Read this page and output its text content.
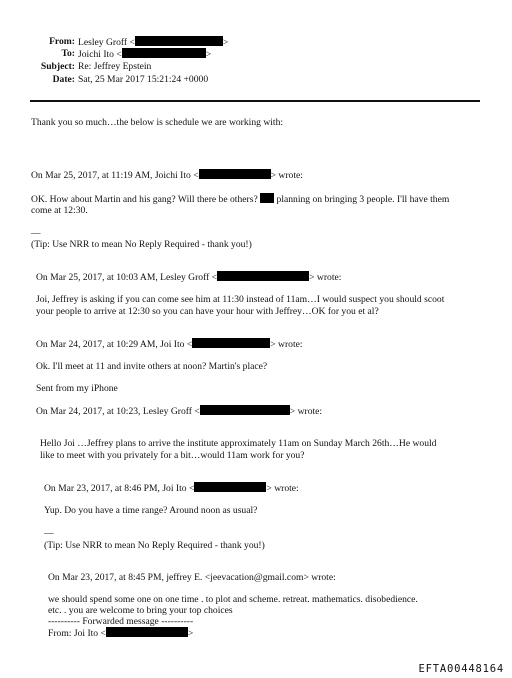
From: Lesley Groff <	>
To: Joichi Ito <	>
Subject: Re: Jeffrey Epstein
Date: Sat, 25 Mar 2017 15:21:24 +0000
Thank you so much…the below is schedule we are working with:
On Mar 25, 2017, at 11:19 AM, Joichi Ito <	> wrote:
OK. How about Martin and his gang? Will there be others? planning on bringing 3 people. I'll have them
come at 12:30.
—
(Tip: Use NRR to mean No Reply Required - thank you!)
On Mar 25, 2017, at 10:03 AM, Lesley Groff <	> wrote:
Joi, Jeffrey is asking if you can come see him at 11:30 instead of 11am…I would suspect you should scoot
your people to arrive at 12:30 so you can have your hour with Jeffrey…OK for you et al?
On Mar 24, 2017, at 10:29 AM, Joi Ito <	> wrote:
Ok. I'll meet at 11 and invite others at noon? Martin's place?
Sent from my iPhone
On Mar 24, 2017, at 10:23, Lesley Groff <	> wrote:
Hello Joi …Jeffrey plans to arrive the institute approximately 11am on Sunday March 26th…He would
like to meet with you privately for a bit…would 11am work for you?
On Mar 23, 2017, at 8:46 PM, Joi Ito <	> wrote:
Yup. Do you have a time range? Around noon as usual?
—
(Tip: Use NRR to mean No Reply Required - thank you!)
On Mar 23, 2017, at 8:45 PM, jeffrey E. <jeevacation@gmail.com> wrote:
we should spend some one on one time . to plot and scheme. retreat. mathematics. disobedience.
etc. . you are welcome to bring your top choices
---------- Forwarded message ----------
From: Joi Ito <	>
EFTA00448164
